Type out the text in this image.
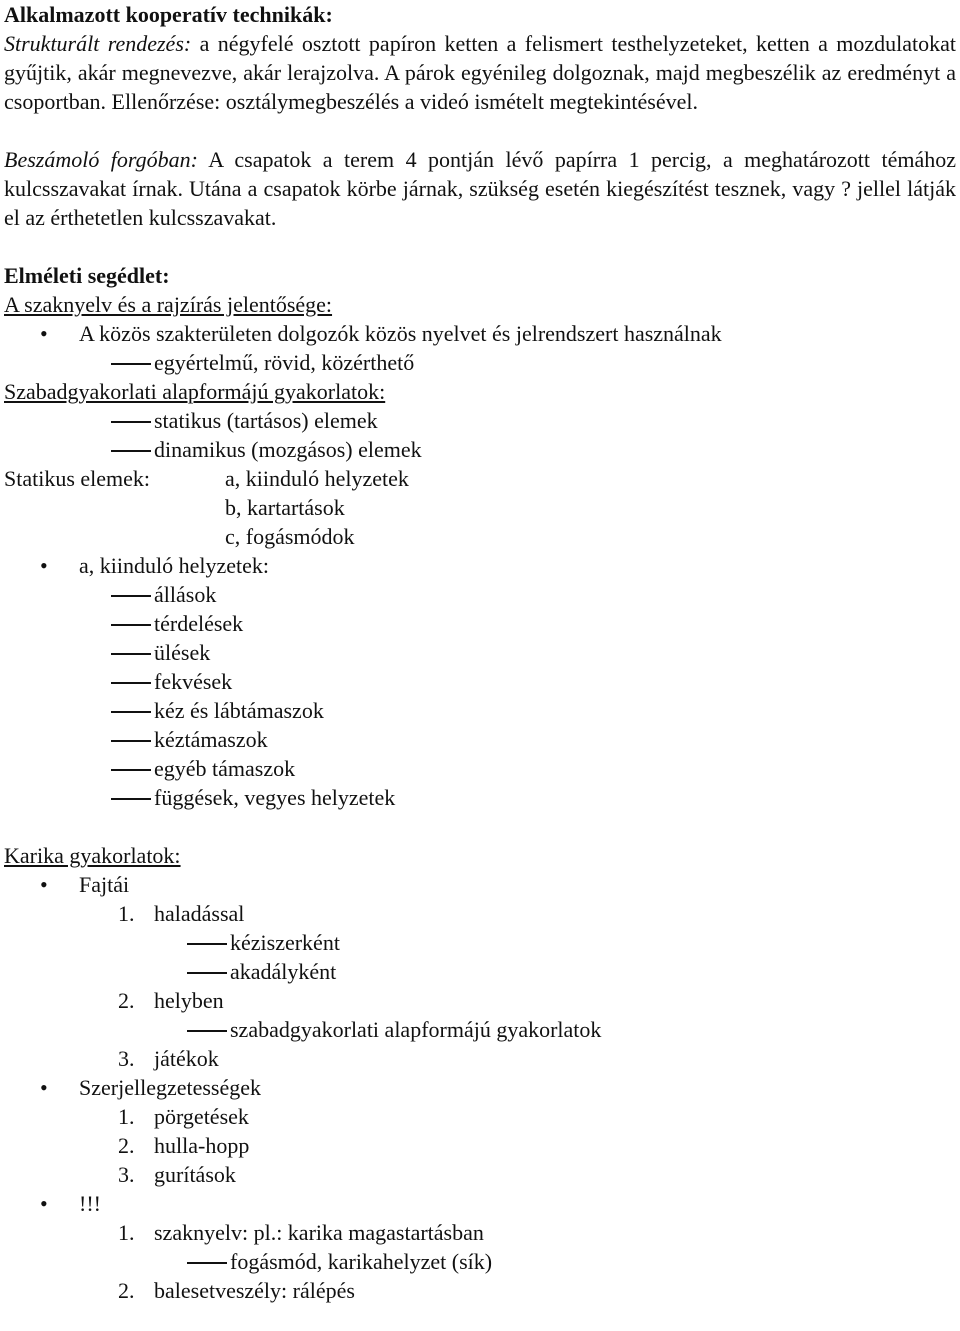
Alkalmazott kooperatív technikák:
Strukturált rendezés: a négyfelé osztott papíron ketten a felismert testhelyzeteket, ketten a mozdulatokat gyűjtik, akár megnevezve, akár lerajzolva. A párok egyénileg dolgoznak, majd megbeszélik az eredményt a csoportban. Ellenőrzése: osztálymegbeszélés a videó ismételt megtekintésével.
Beszámoló forgóban: A csapatok a terem 4 pontján lévő papírra 1 percig, a meghatározott témához kulcsszavakat írnak. Utána a csapatok körbe járnak, szükség esetén kiegészítést tesznek, vagy ? jellel látják el az érthetetlen kulcsszavakat.
Elméleti segédlet:
A szaknyelv és a rajzírás jelentősége:
• A közös szakterületen dolgozók közös nyelvet és jelrendszert használnak
egyértelmű, rövid, közérthető
Szabadgyakorlati alapformájú gyakorlatok:
statikus (tartásos) elemek
dinamikus (mozgásos) elemek
Statikus elemek:	a, kiinduló helyzetek
b, kartartások
c, fogásmódok
• a, kiinduló helyzetek:
állások
térdelések
ülések
fekvések
kéz és lábtámaszok
kéztámaszok
egyéb támaszok
függések, vegyes helyzetek
Karika gyakorlatok:
• Fajtái
1. haladással
kéziszerként
akadályként
2. helyben
szabadgyakorlati alapformájú gyakorlatok
3. játékok
• Szerjellegzetességek
1. pörgetések
2. hulla-hopp
3. gurítások
• !!!
1. szaknyelv: pl.: karika magastartásban
fogásmód, karikahelyzet (sík)
2. balesetveszély: rálépés
